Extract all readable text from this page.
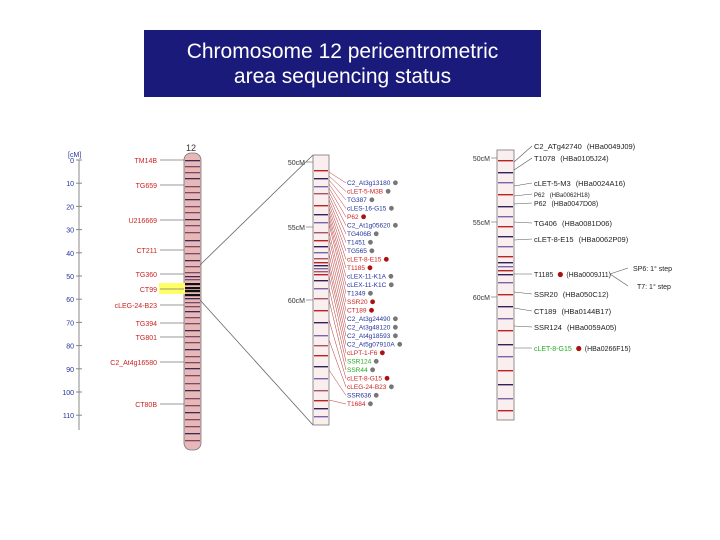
Chromosome 12 pericentrometric
area sequencing status
[cM]
0
10
20
30
40
50
60
70
80
90
100
110
12
TM14B
TG659
U216669
CT211
TG360
CT99
cLEG-24-B23
TG394
TG801
C2_At4g16580
CT80B
50cM
55cM
60cM
C2_At3g13180
cLET-5-M3B
TG387
cLES-16-G15
P62
C2_At1g05620
TG406B
T1451
TG565
cLET-8-E15
T1185
cLEX-11-K1A
cLEX-11-K1C
T1349
SSR20
CT189
C2_At3g24490
C2_At3g48120
C2_At4g18593
C2_At5g07910A
cLPT-1-F6
SSR124
SSR44
cLET-8-G15
cLEG-24-B23
SSR636
T1684
50cM
55cM
60cM
C2_ATg42740 (HBa0049J09)
T1078 (HBa0105J24)
cLET-5-M3 (HBa0024A16)
P62 (HBa0062H18)
P62 (HBa0047D08)
TG406 (HBa0081D06)
cLET-8-E15 (HBa0062P09)
T1185 (HBa0009J11)
SSR20 (HBa050C12)
CT189 (HBa0144B17)
SSR124 (HBa0059A05)
cLET-8-G15 (HBa0266F15)
SP6: 1° step
T7: 1° step
